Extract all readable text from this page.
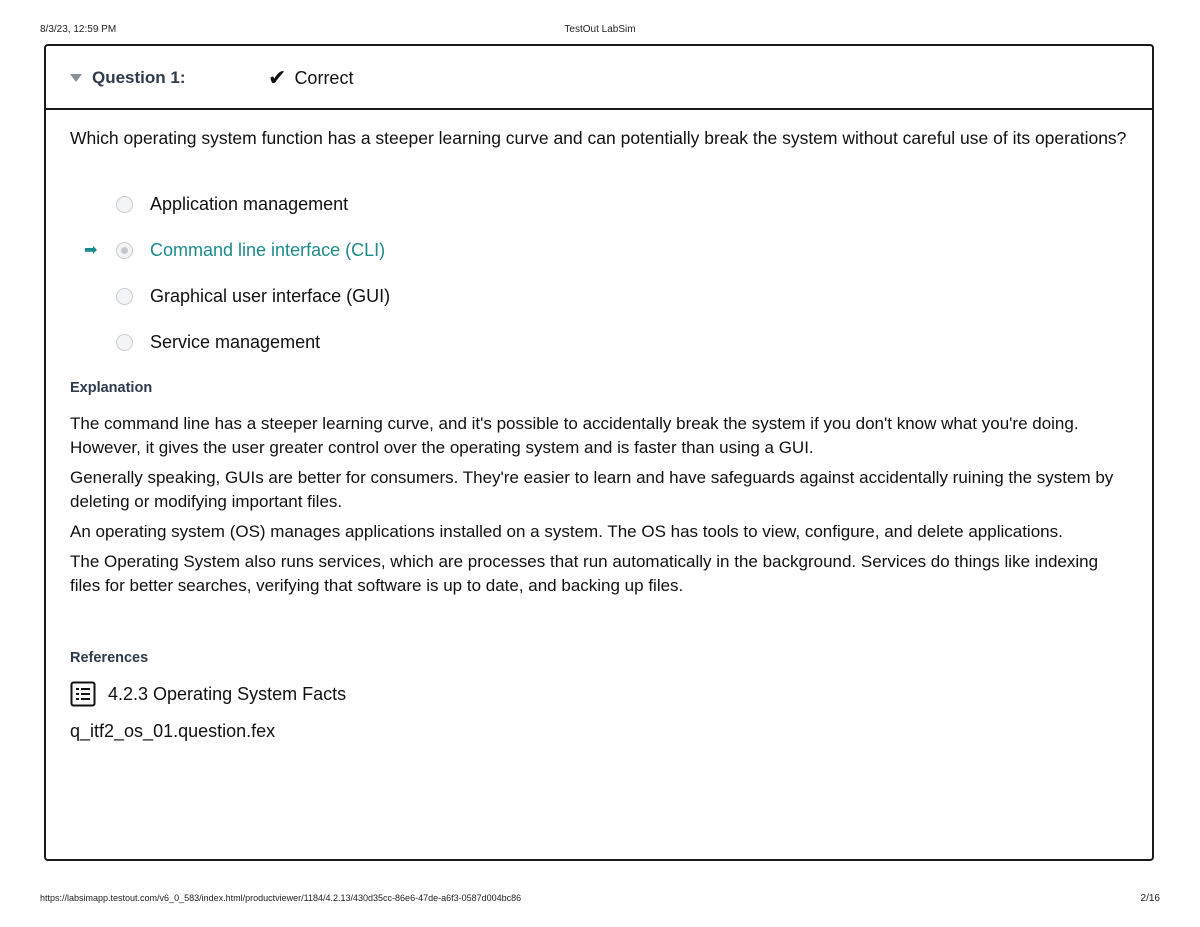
8/3/23, 12:59 PM	TestOut LabSim
Question 1:	✔ Correct
Which operating system function has a steeper learning curve and can potentially break the system without careful use of its operations?
Application management
➡	Command line interface (CLI)
Graphical user interface (GUI)
Service management
Explanation

The command line has a steeper learning curve, and it's possible to accidentally break the system if you don't know what you're doing. However, it gives the user greater control over the operating system and is faster than using a GUI.

Generally speaking, GUIs are better for consumers. They're easier to learn and have safeguards against accidentally ruining the system by deleting or modifying important files.

An operating system (OS) manages applications installed on a system. The OS has tools to view, configure, and delete applications.

The Operating System also runs services, which are processes that run automatically in the background. Services do things like indexing files for better searches, verifying that software is up to date, and backing up files.

References
4.2.3 Operating System Facts
q_itf2_os_01.question.fex
https://labsimapp.testout.com/v6_0_583/index.html/productviewer/1184/4.2.13/430d35cc-86e6-47de-a6f3-0587d004bc86	2/16
